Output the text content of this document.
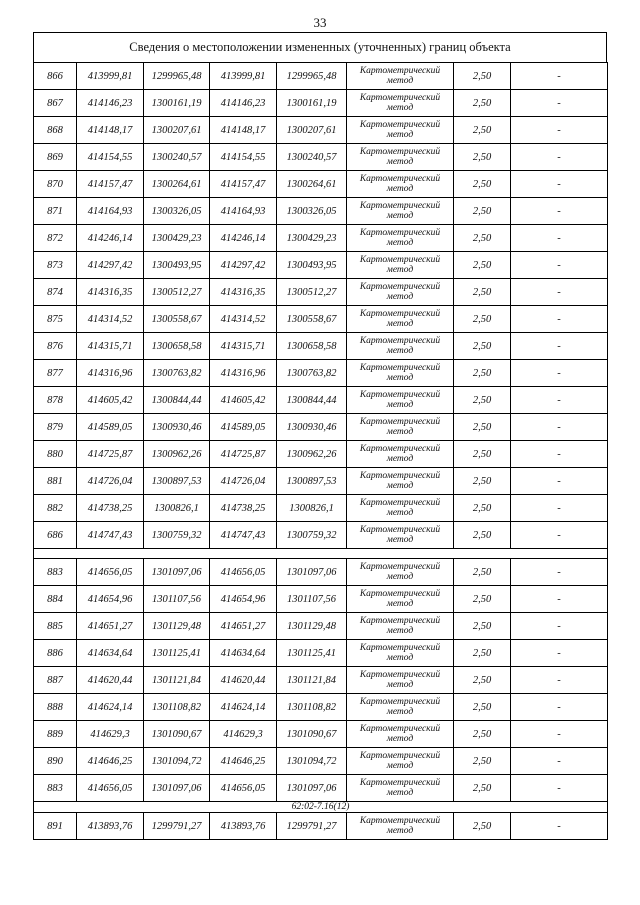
33
Сведения о местоположении измененных (уточненных) границ объекта
866	413999,81	1299965,48	413999,81	1299965,48	Картометрический
метод	2,50	-
867	414146,23	1300161,19	414146,23	1300161,19	Картометрический
метод	2,50	-
868	414148,17	1300207,61	414148,17	1300207,61	Картометрический
метод	2,50	-
869	414154,55	1300240,57	414154,55	1300240,57	Картометрический
метод	2,50	-
870	414157,47	1300264,61	414157,47	1300264,61	Картометрический
метод	2,50	-
871	414164,93	1300326,05	414164,93	1300326,05	Картометрический
метод	2,50	-
872	414246,14	1300429,23	414246,14	1300429,23	Картометрический
метод	2,50	-
873	414297,42	1300493,95	414297,42	1300493,95	Картометрический
метод	2,50	-
874	414316,35	1300512,27	414316,35	1300512,27	Картометрический
метод	2,50	-
875	414314,52	1300558,67	414314,52	1300558,67	Картометрический
метод	2,50	-
876	414315,71	1300658,58	414315,71	1300658,58	Картометрический
метод	2,50	-
877	414316,96	1300763,82	414316,96	1300763,82	Картометрический
метод	2,50	-
878	414605,42	1300844,44	414605,42	1300844,44	Картометрический
метод	2,50	-
879	414589,05	1300930,46	414589,05	1300930,46	Картометрический
метод	2,50	-
880	414725,87	1300962,26	414725,87	1300962,26	Картометрический
метод	2,50	-
881	414726,04	1300897,53	414726,04	1300897,53	Картометрический
метод	2,50	-
882	414738,25	1300826,1	414738,25	1300826,1	Картометрический
метод	2,50	-
686	414747,43	1300759,32	414747,43	1300759,32	Картометрический
метод	2,50	-

883	414656,05	1301097,06	414656,05	1301097,06	Картометрический
метод	2,50	-
884	414654,96	1301107,56	414654,96	1301107,56	Картометрический
метод	2,50	-
885	414651,27	1301129,48	414651,27	1301129,48	Картометрический
метод	2,50	-
886	414634,64	1301125,41	414634,64	1301125,41	Картометрический
метод	2,50	-
887	414620,44	1301121,84	414620,44	1301121,84	Картометрический
метод	2,50	-
888	414624,14	1301108,82	414624,14	1301108,82	Картометрический
метод	2,50	-
889	414629,3	1301090,67	414629,3	1301090,67	Картометрический
метод	2,50	-
890	414646,25	1301094,72	414646,25	1301094,72	Картометрический
метод	2,50	-
883	414656,05	1301097,06	414656,05	1301097,06	Картометрический
метод	2,50	-
62:02-7.16(12)							
891	413893,76	1299791,27	413893,76	1299791,27	Картометрический
метод	2,50	-
